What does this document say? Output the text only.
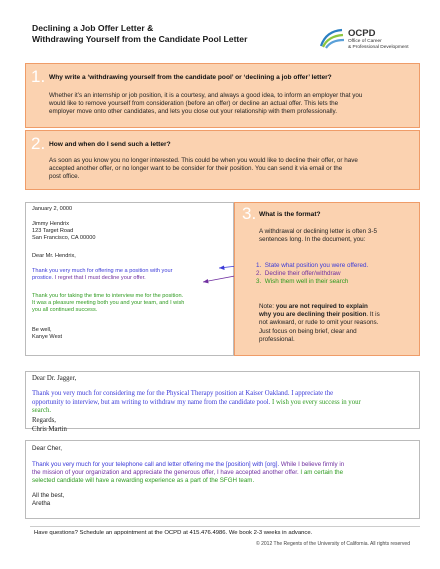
Declining a Job Offer Letter &
Withdrawing Yourself from the Candidate Pool Letter	OCPD
Office of Career
& Professional Development
1. Why write a ‘withdrawing yourself from the candidate pool’ or ‘declining a job offer’ letter?
Whether it’s an internship or job position, it is a courtesy, and always a good idea, to inform an employer that you
would like to remove yourself from consideration (before an offer) or decline an actual offer. This lets the
employer move onto other candidates, and lets you close out your relationship with them professionally.
2. How and when do I send such a letter?
As soon as you know you no longer interested. This could be when you would like to decline their offer, or have
accepted another offer, or no longer want to be consider for their position. You can send it via email or the
post office.
January 2, 0000
Jimmy Hendrix
123 Target Road
San Francisco, CA 00000
Dear Mr. Hendrix,
Thank you very much for offering me a position with your
prostice. I regret that I must decline your offer.
Thank you for taking the time to interview me for the position.
It was a pleasure meeting both you and your team, and I wish
you all continued success.
Be well,
Kanye West
3. What is the format?
A withdrawal or declining letter is often 3-5
sentences long. In the document, you:
1. State what position you were offered.
2. Decline their offer/withdraw
3. Wish them well in their search
Note: you are not required to explain
why you are declining their position. It is
not awkward, or rude to omit your reasons.
Just focus on being brief, clear and
professional.
Dear Dr. Jagger,
Thank you very much for considering me for the Physical Therapy position at Kaiser Oakland. I appreciate the
opportunity to interview, but am writing to withdraw my name from the candidate pool. I wish you every success in your
search.
Regards,
Chris Martin
Dear Cher,
Thank you very much for your telephone call and letter offering me the [position] with [org]. While I believe firmly in
the mission of your organization and appreciate the generous offer, I have accepted another offer. I am certain the
selected candidate will have a rewarding experience as a part of the SFGH team.
All the best,
Aretha
Have questions? Schedule an appointment at the OCPD at 415.476.4986. We book 2-3 weeks in advance.
© 2012 The Regents of the University of California. All rights reserved
